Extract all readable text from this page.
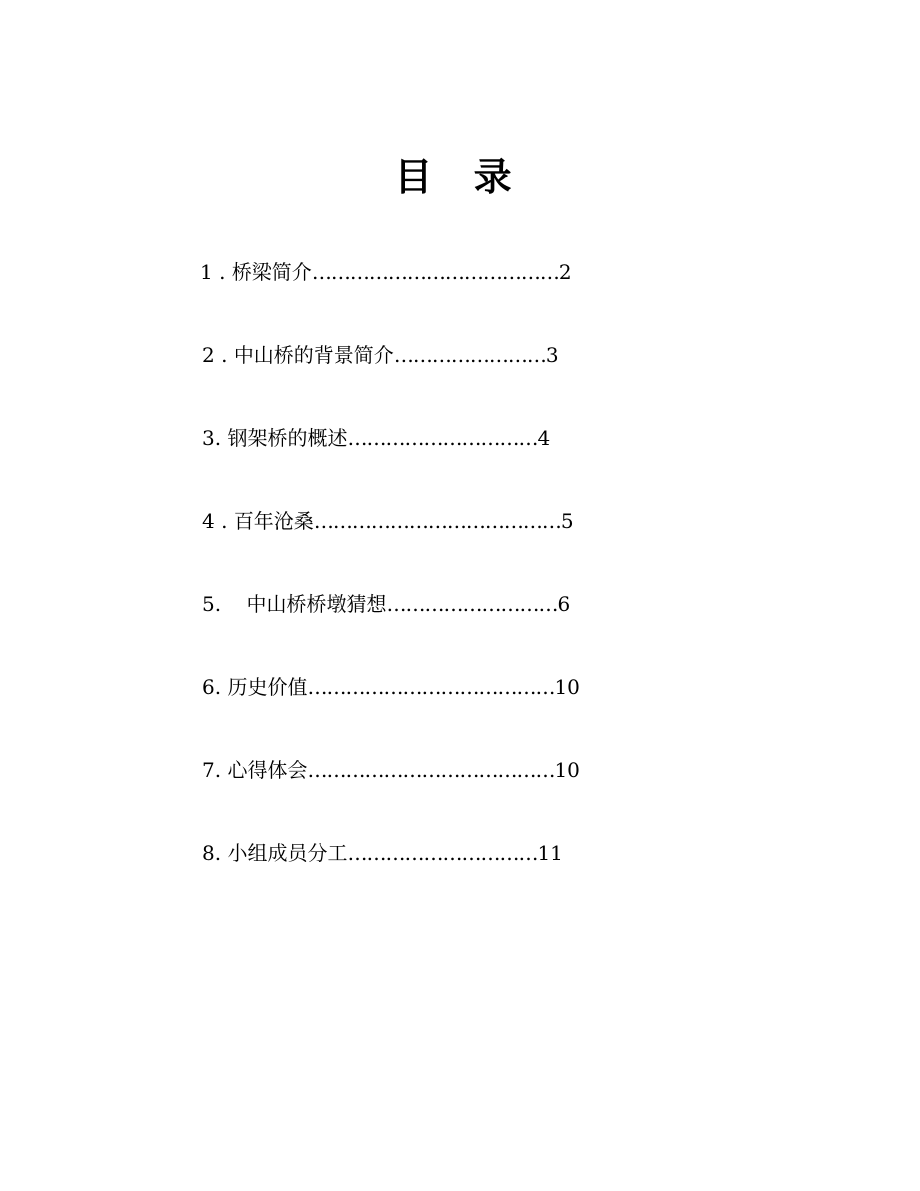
目 录
1 . 桥梁简介…………………………………2
2 . 中山桥的背景简介……………………3
3. 钢架桥的概述…………………………4
4 . 百年沧桑…………………………………5
5. 中山桥桥墩猜想………………………6
6. 历史价值…………………………………10
7. 心得体会…………………………………10
8. 小组成员分工…………………………11
